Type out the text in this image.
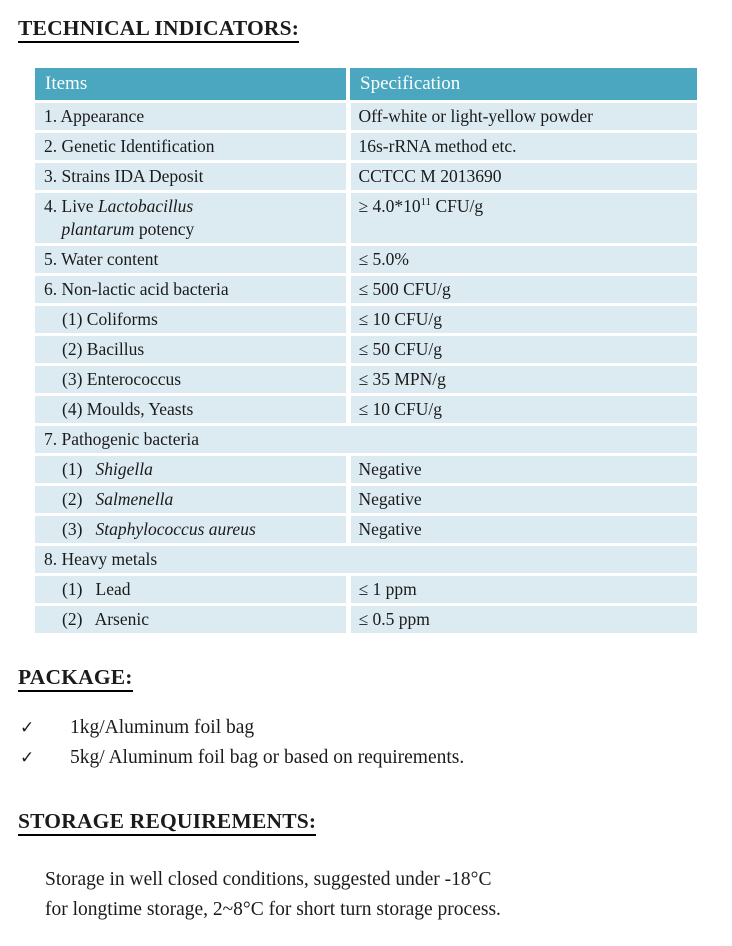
TECHNICAL INDICATORS:
Items	Specification
1. Appearance	Off-white or light-yellow powder
2. Genetic Identification	16s-rRNA method etc.
3. Strains IDA Deposit	CCTCC M 2013690
4. Live Lactobacillus
plantarum potency	≥ $4.0*10^{11}$ CFU/g
5. Water content	≤ 5.0%
6. Non-lactic acid bacteria	≤ 500 CFU/g
(1) Coliforms	≤ 10 CFU/g
(2) Bacillus	≤ 50 CFU/g
(3) Enterococcus	≤ 35 MPN/g
(4) Moulds, Yeasts	≤ 10 CFU/g
7. Pathogenic bacteria	
(1)   Shigella	Negative
(2)   Salmenella	Negative
(3)   Staphylococcus aureus	Negative
8. Heavy metals	
(1)   Lead	≤ 1 ppm
(2)   Arsenic	≤ 0.5 ppm
PACKAGE:
✓	1kg/Aluminum foil bag
✓	5kg/ Aluminum foil bag or based on requirements.
STORAGE REQUIREMENTS:
Storage in well closed conditions, suggested under -18°C
for longtime storage, 2~8°C for short turn storage process.
